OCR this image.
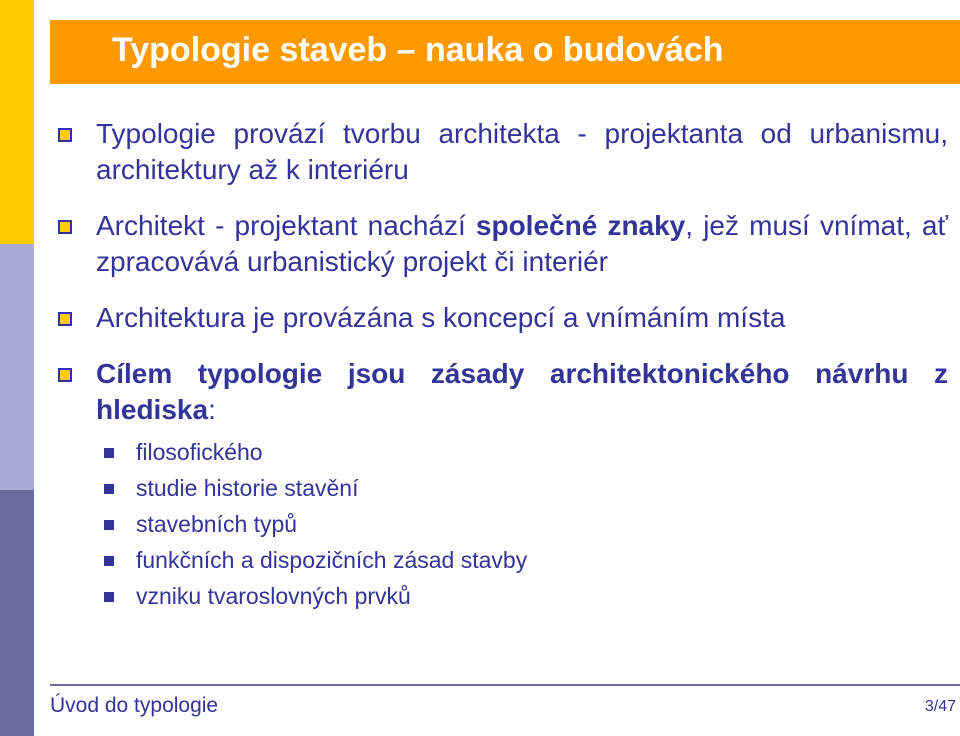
Typologie staveb – nauka o budovách
Typologie provází tvorbu architekta - projektanta od urbanismu, architektury až k interiéru
Architekt - projektant nachází společné znaky, jež musí vnímat, ať zpracovává urbanistický projekt či interiér
Architektura je provázána s koncepcí a vnímáním místa
Cílem typologie jsou zásady architektonického návrhu z hlediska:
filosofického
studie historie stavění
stavebních typů
funkčních a dispozičních zásad stavby
vzniku tvaroslovných prvků
Úvod do typologie	3/47
